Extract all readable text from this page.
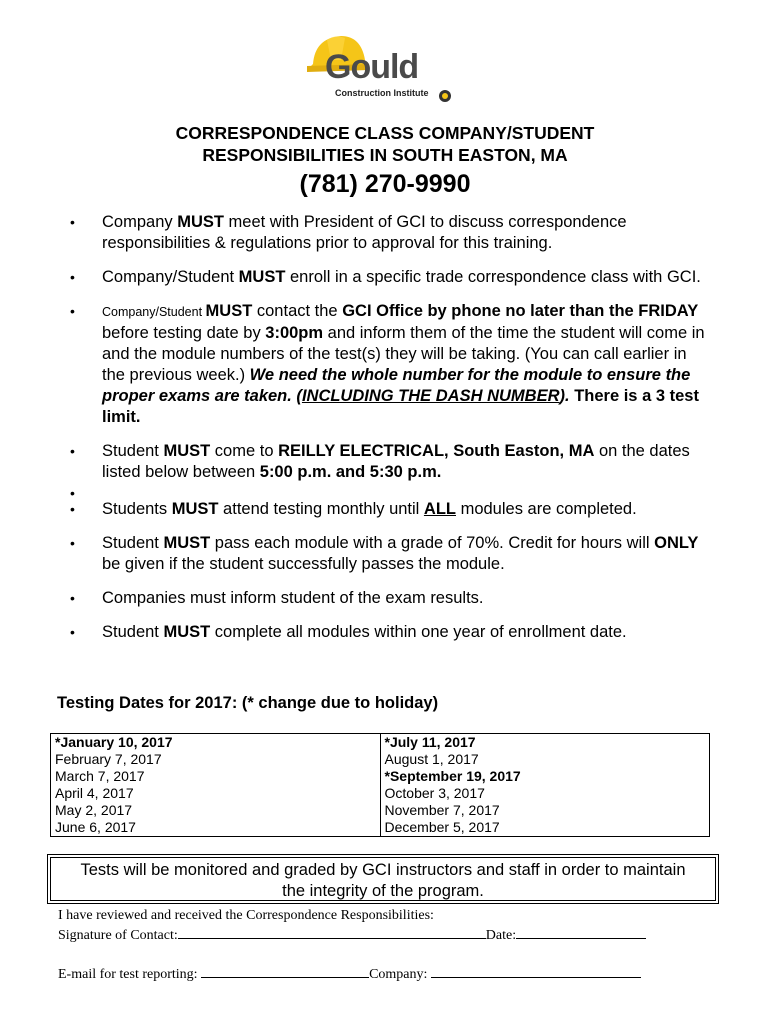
Gould
Construction Institute
CORRESPONDENCE CLASS COMPANY/STUDENT
RESPONSIBILITIES IN SOUTH EASTON, MA
(781) 270-9990
• Company MUST meet with President of GCI to discuss correspondence responsibilities & regulations prior to approval for this training.
• Company/Student MUST enroll in a specific trade correspondence class with GCI.
• Company/Student MUST contact the GCI Office by phone no later than the FRIDAY before testing date by 3:00pm and inform them of the time the student will come in and the module numbers of the test(s) they will be taking. (You can call earlier in the previous week.) We need the whole number for the module to ensure the proper exams are taken. (INCLUDING THE DASH NUMBER). There is a 3 test limit.
• Student MUST come to REILLY ELECTRICAL, South Easton, MA on the dates listed below between 5:00 p.m. and 5:30 p.m.
•
• Students MUST attend testing monthly until ALL modules are completed.
• Student MUST pass each module with a grade of 70%. Credit for hours will ONLY be given if the student successfully passes the module.
• Companies must inform student of the exam results.
• Student MUST complete all modules within one year of enrollment date.
Testing Dates for 2017: (* change due to holiday)
*January 10, 2017	*July 11, 2017
February 7, 2017	August 1, 2017
March 7, 2017	*September 19, 2017
April 4, 2017	October 3, 2017
May 2, 2017	November 7, 2017
June 6, 2017	December 5, 2017
Tests will be monitored and graded by GCI instructors and staff in order to maintain
the integrity of the program.
I have reviewed and received the Correspondence Responsibilities:
Signature of Contact:	Date:
E-mail for test reporting:	Company:
